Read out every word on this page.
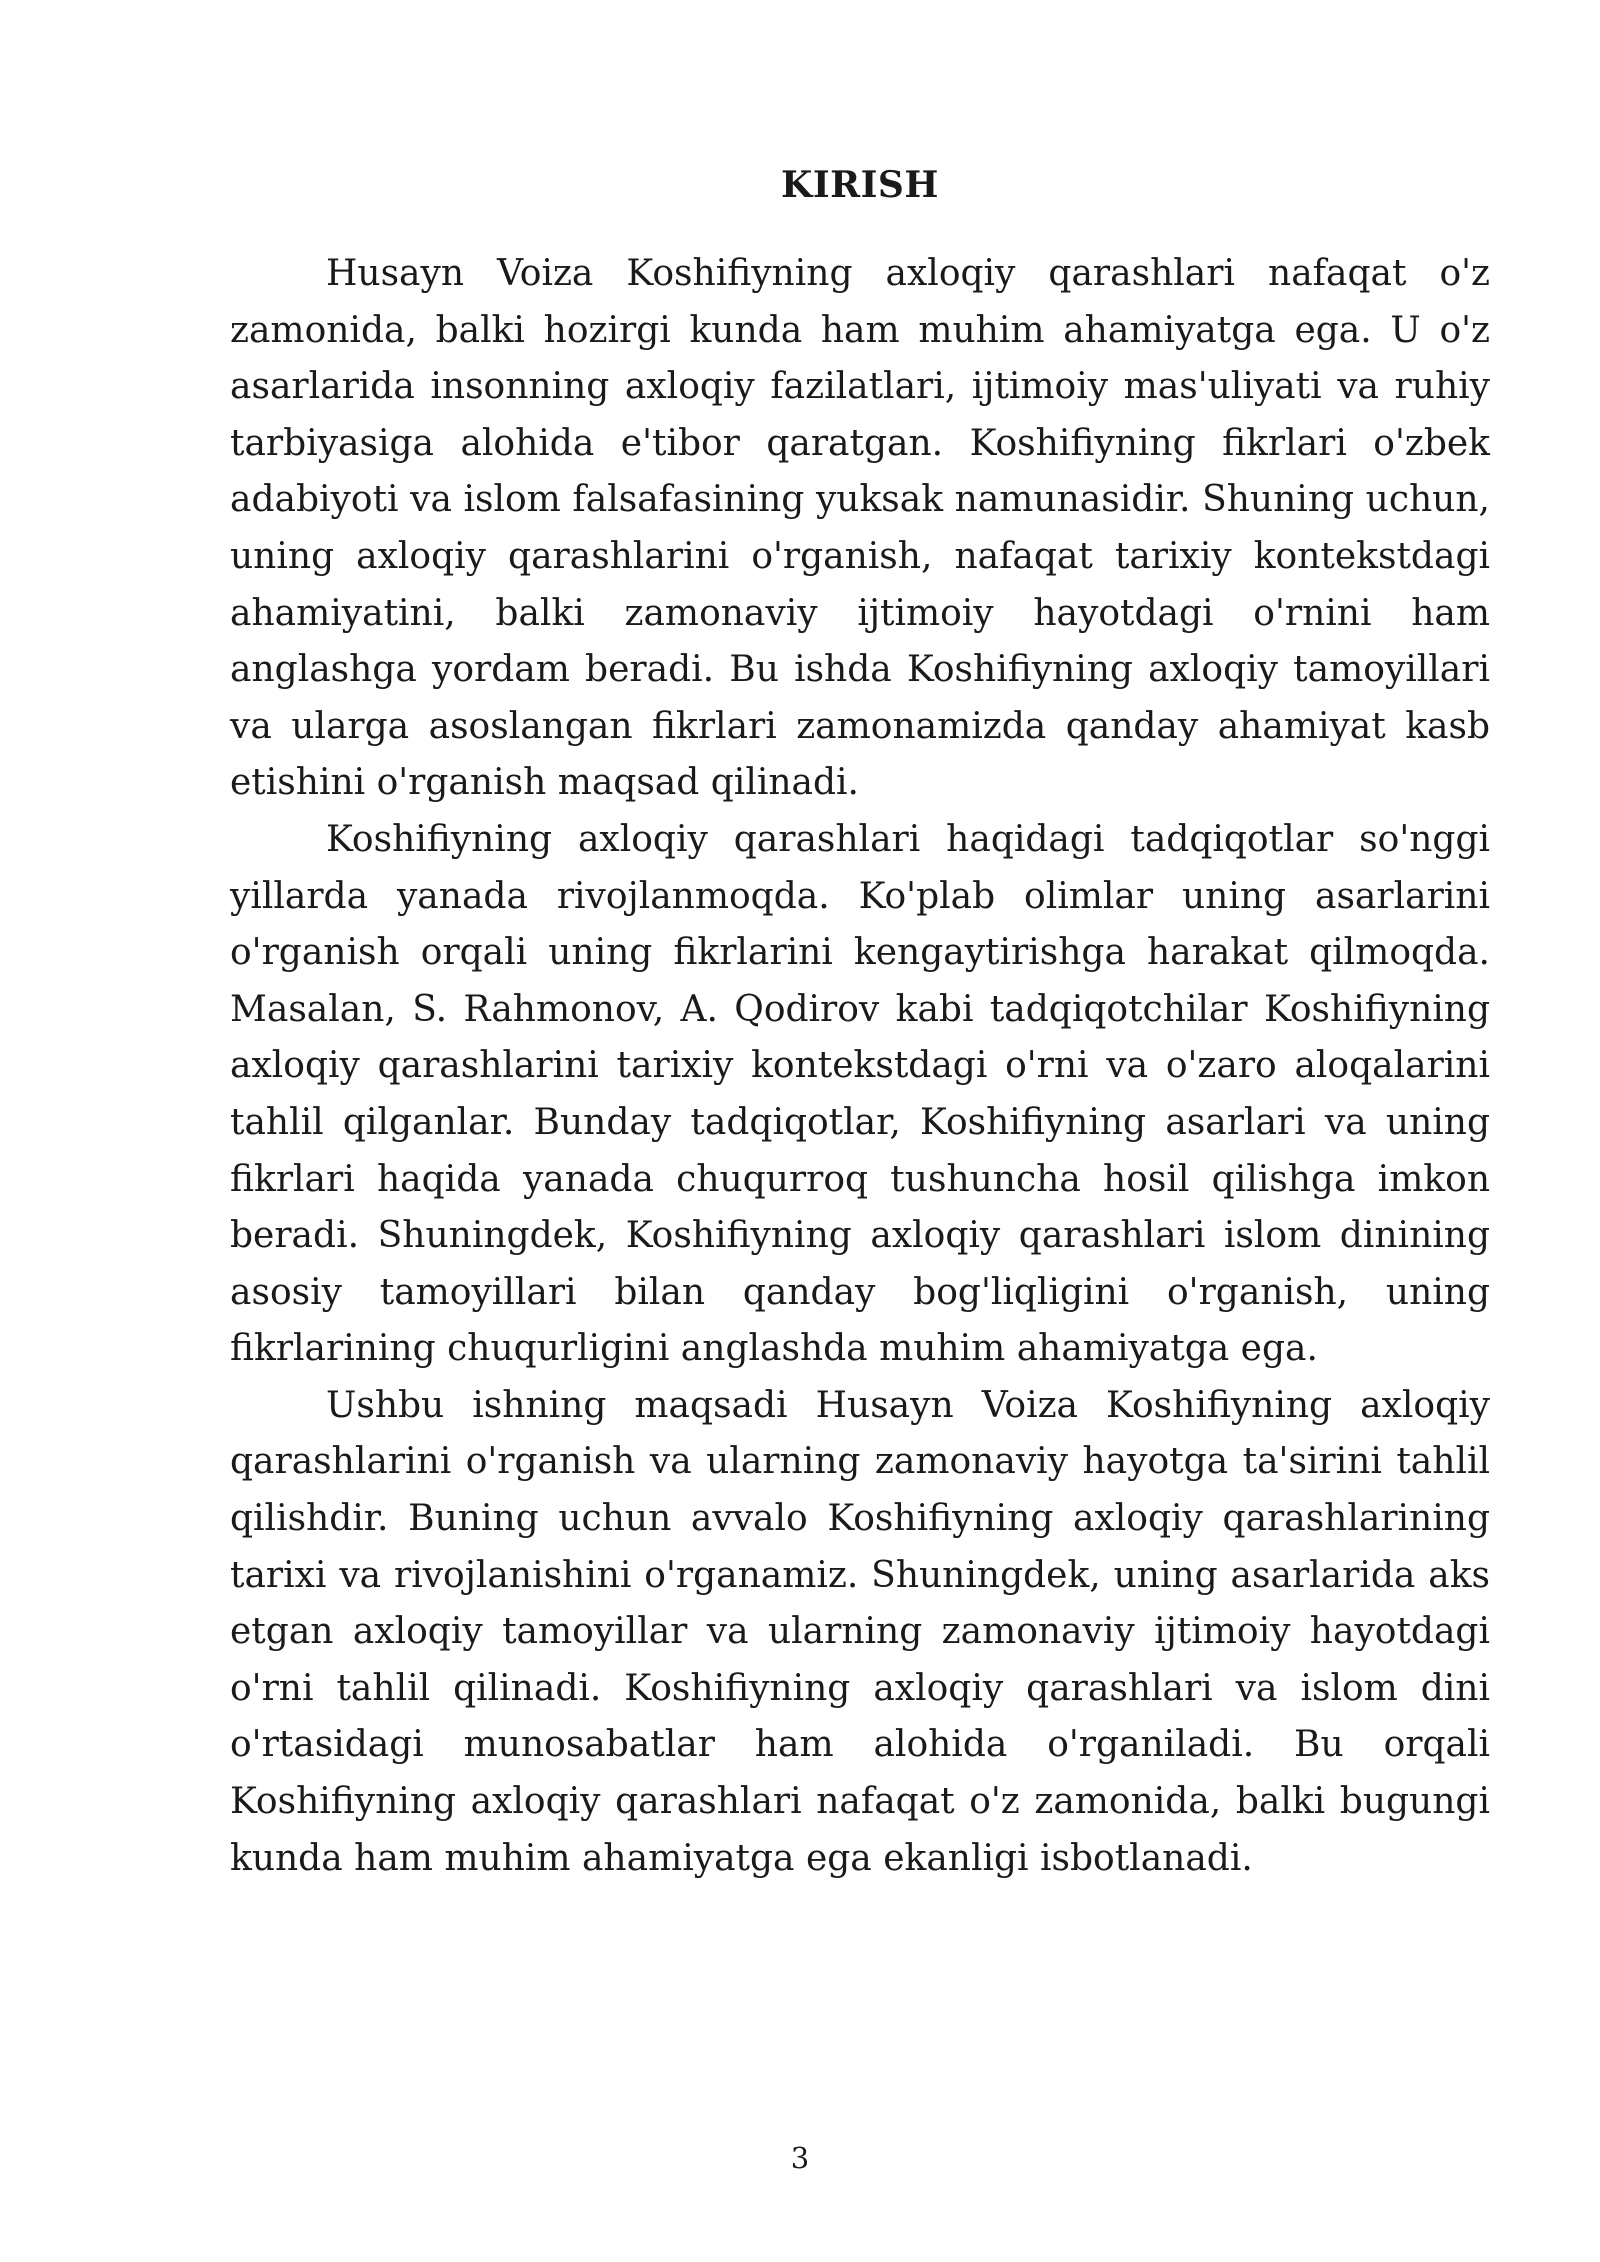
KIRISH

Husayn Voiza Koshifiyning axloqiy qarashlari nafaqat o'z zamonida, balki hozirgi kunda ham muhim ahamiyatga ega. U o'z asarlarida insonning axloqiy fazilatlari, ijtimoiy mas'uliyati va ruhiy tarbiyasiga alohida e'tibor qaratgan. Koshifiyning fikrlari o'zbek adabiyoti va islom falsafasining yuksak namunasidir. Shuning uchun, uning axloqiy qarashlarini o'rganish, nafaqat tarixiy kontekstdagi ahamiyatini, balki zamonaviy ijtimoiy hayotdagi o'rnini ham anglashga yordam beradi. Bu ishda Koshifiyning axloqiy tamoyillari va ularga asoslangan fikrlari zamonamizda qanday ahamiyat kasb etishini o'rganish maqsad qilinadi.

Koshifiyning axloqiy qarashlari haqidagi tadqiqotlar so'nggi yillarda yanada rivojlanmoqda. Ko'plab olimlar uning asarlarini o'rganish orqali uning fikrlarini kengaytirishga harakat qilmoqda. Masalan, S. Rahmonov, A. Qodirov kabi tadqiqotchilar Koshifiyning axloqiy qarashlarini tarixiy kontekstdagi o'rni va o'zaro aloqalarini tahlil qilganlar. Bunday tadqiqotlar, Koshifiyning asarlari va uning fikrlari haqida yanada chuqurroq tushuncha hosil qilishga imkon beradi. Shuningdek, Koshifiyning axloqiy qarashlari islom dinining asosiy tamoyillari bilan qanday bog'liqligini o'rganish, uning fikrlarining chuqurligini anglashda muhim ahamiyatga ega.

Ushbu ishning maqsadi Husayn Voiza Koshifiyning axloqiy qarashlarini o'rganish va ularning zamonaviy hayotga ta'sirini tahlil qilishdir. Buning uchun avvalo Koshifiyning axloqiy qarashlarining tarixi va rivojlanishini o'rganamiz. Shuningdek, uning asarlarida aks etgan axloqiy tamoyillar va ularning zamonaviy ijtimoiy hayotdagi o'rni tahlil qilinadi. Koshifiyning axloqiy qarashlari va islom dini o'rtasidagi munosabatlar ham alohida o'rganiladi. Bu orqali Koshifiyning axloqiy qarashlari nafaqat o'z zamonida, balki bugungi kunda ham muhim ahamiyatga ega ekanligi isbotlanadi.

3
